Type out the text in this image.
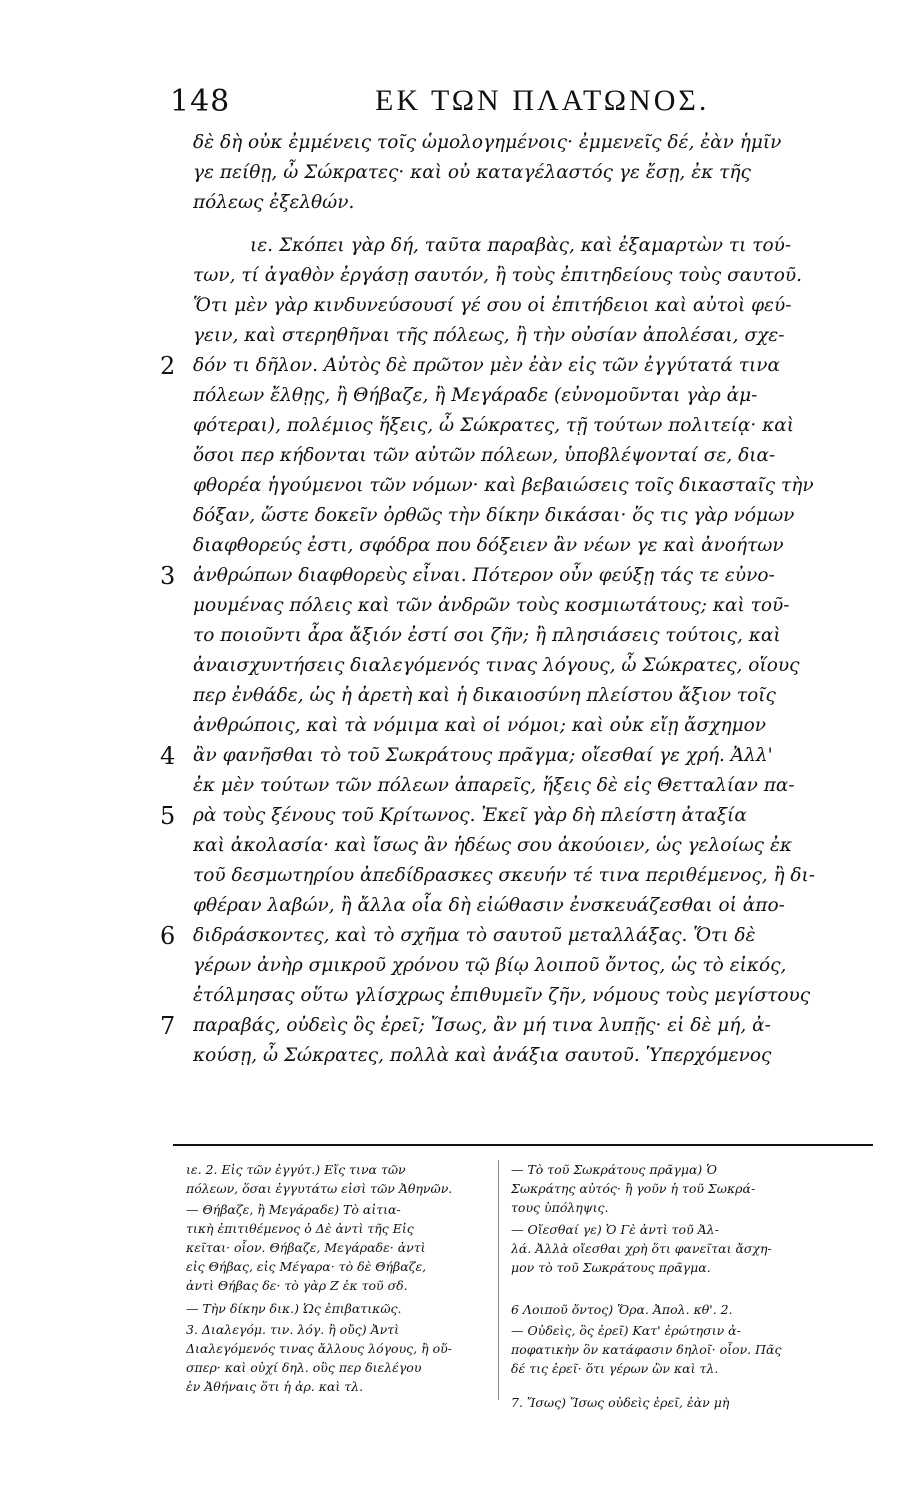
148	ΕΚ ΤΩΝ ΠΛΑΤΩΝΟΣ.
δὲ δὴ οὐκ ἐμμένεις τοῖς ὡμολογημένοις· ἐμμενεῖς δέ, ἐὰν ἡμῖν
γε πείθῃ, ὦ Σώκρατες· καὶ οὐ καταγέλαστός γε ἔσῃ, ἐκ τῆς
πόλεως ἐξελθών.
ιε. Σκόπει γὰρ δή, ταῦτα παραβὰς, καὶ ἐξαμαρτὼν τι τού-
των, τί ἀγαθὸν ἐργάσῃ σαυτόν, ἢ τοὺς ἐπιτηδείους τοὺς σαυτοῦ.
Ὅτι μὲν γὰρ κινδυνεύσουσί γέ σου οἱ ἐπιτήδειοι καὶ αὐτοὶ φεύ-
γειν, καὶ στερηθῆναι τῆς πόλεως, ἢ τὴν οὐσίαν ἀπολέσαι, σχε-
δόν τι δῆλον. Αὐτὸς δὲ πρῶτον μὲν ἐὰν εἰς τῶν ἐγγύτατά τινα
πόλεων ἔλθῃς, ἢ Θήβαζε, ἢ Μεγάραδε (εὐνομοῦνται γὰρ ἀμ-
φότεραι), πολέμιος ἥξεις, ὦ Σώκρατες, τῇ τούτων πολιτείᾳ· καὶ
ὅσοι περ κήδονται τῶν αὐτῶν πόλεων, ὑποβλέψονταί σε, δια-
φθορέα ἡγούμενοι τῶν νόμων· καὶ βεβαιώσεις τοῖς δικασταῖς τὴν
δόξαν, ὥστε δοκεῖν ὀρθῶς τὴν δίκην δικάσαι· ὅς τις γὰρ νόμων
διαφθορεύς ἐστι, σφόδρα που δόξειεν ἂν νέων γε καὶ ἀνοήτων
ἀνθρώπων διαφθορεὺς εἶναι. Πότερον οὖν φεύξῃ τάς τε εὐνο-
μουμένας πόλεις καὶ τῶν ἀνδρῶν τοὺς κοσμιωτάτους; καὶ τοῦ-
το ποιοῦντι ἆρα ἄξιόν ἐστί σοι ζῆν; ἢ πλησιάσεις τούτοις, καὶ
ἀναισχυντήσεις διαλεγόμενός τινας λόγους, ὦ Σώκρατες, οἵους
περ ἐνθάδε, ὡς ἡ ἀρετὴ καὶ ἡ δικαιοσύνη πλείστου ἄξιον τοῖς
ἀνθρώποις, καὶ τὰ νόμιμα καὶ οἱ νόμοι; καὶ οὐκ εἴῃ ἄσχημον
ἂν φανῆσθαι τὸ τοῦ Σωκράτους πρᾶγμα; οἴεσθαί γε χρή. Ἀλλ'
ἐκ μὲν τούτων τῶν πόλεων ἀπαρεῖς, ἥξεις δὲ εἰς Θετταλίαν πα-
ρὰ τοὺς ξένους τοῦ Κρίτωνος. Ἐκεῖ γὰρ δὴ πλείστη ἀταξία
καὶ ἀκολασία· καὶ ἴσως ἂν ἡδέως σου ἀκούοιεν, ὡς γελοίως ἐκ
τοῦ δεσμωτηρίου ἀπεδίδρασκες σκευήν τέ τινα περιθέμενος, ἢ δι-
φθέραν λαβών, ἢ ἄλλα οἷα δὴ εἰώθασιν ἐνσκευάζεσθαι οἱ ἀπο-
διδράσκοντες, καὶ τὸ σχῆμα τὸ σαυτοῦ μεταλλάξας. Ὅτι δὲ
γέρων ἀνὴρ σμικροῦ χρόνου τῷ βίῳ λοιποῦ ὄντος, ὡς τὸ εἰκός,
ἐτόλμησας οὕτω γλίσχρως ἐπιθυμεῖν ζῆν, νόμους τοὺς μεγίστους
παραβάς, οὐδεὶς ὃς ἐρεῖ; Ἴσως, ἂν μή τινα λυπῇς· εἰ δὲ μή, ἀ-
κούσῃ, ὦ Σώκρατες, πολλὰ καὶ ἀνάξια σαυτοῦ. Ὑπερχόμενος
2
3
4
5
6
7
ιε. 2. Εἰς τῶν ἐγγύτ.) Εἴς τινα τῶν
πόλεων, ὅσαι ἐγγυτάτω εἰσὶ τῶν Ἀθηνῶν.
— Θήβαζε, ἢ Μεγάραδε) Τὸ αἰτια-
τικὴ ἐπιτιθέμενος ὁ Δὲ ἀντὶ τῆς Εἰς
κεῖται· οἷον. Θήβαζε, Μεγάραδε· ἀντὶ
εἰς Θήβας, εἰς Μέγαρα· τὸ δὲ Θήβαζε,
ἀντὶ Θήβας δε· τὸ γὰρ Ζ ἐκ τοῦ σδ.
— Τὴν δίκην δικ.) Ὡς ἐπιβατικῶς.
3. Διαλεγόμ. τιν. λόγ. ἢ οὔς) Ἀντὶ
Διαλεγόμενός τινας ἄλλους λόγους, ἢ οὕ-
σπερ· καὶ οὐχί δηλ. οὓς περ διελέγου
ἐν Ἀθήναις ὅτι ἡ ἀρ. καὶ τλ.
— Τὸ τοῦ Σωκράτους πρᾶγμα) Ὁ
Σωκράτης αὐτός· ἢ γοῦν ἡ τοῦ Σωκρά-
τους ὑπόληψις.
— Οἴεσθαί γε) Ὁ Γὲ ἀντὶ τοῦ Ἀλ-
λά. Ἀλλὰ οἴεσθαι χρὴ ὅτι φανεῖται ἄσχη-
μον τὸ τοῦ Σωκράτους πρᾶγμα.
6 Λοιποῦ ὄντος) Ὅρα. Ἀπολ. κθ'. 2.
— Οὐδεὶς, ὃς ἐρεῖ) Κατ' ἐρώτησιν ἀ-
ποφατικὴν ὃν κατάφασιν δηλοῖ· οἷον. Πᾶς
δέ τις ἐρεῖ· ὅτι γέρων ὢν καὶ τλ.
7. Ἴσως) Ἴσως οὐδεὶς ἐρεῖ, ἐὰν μὴ
